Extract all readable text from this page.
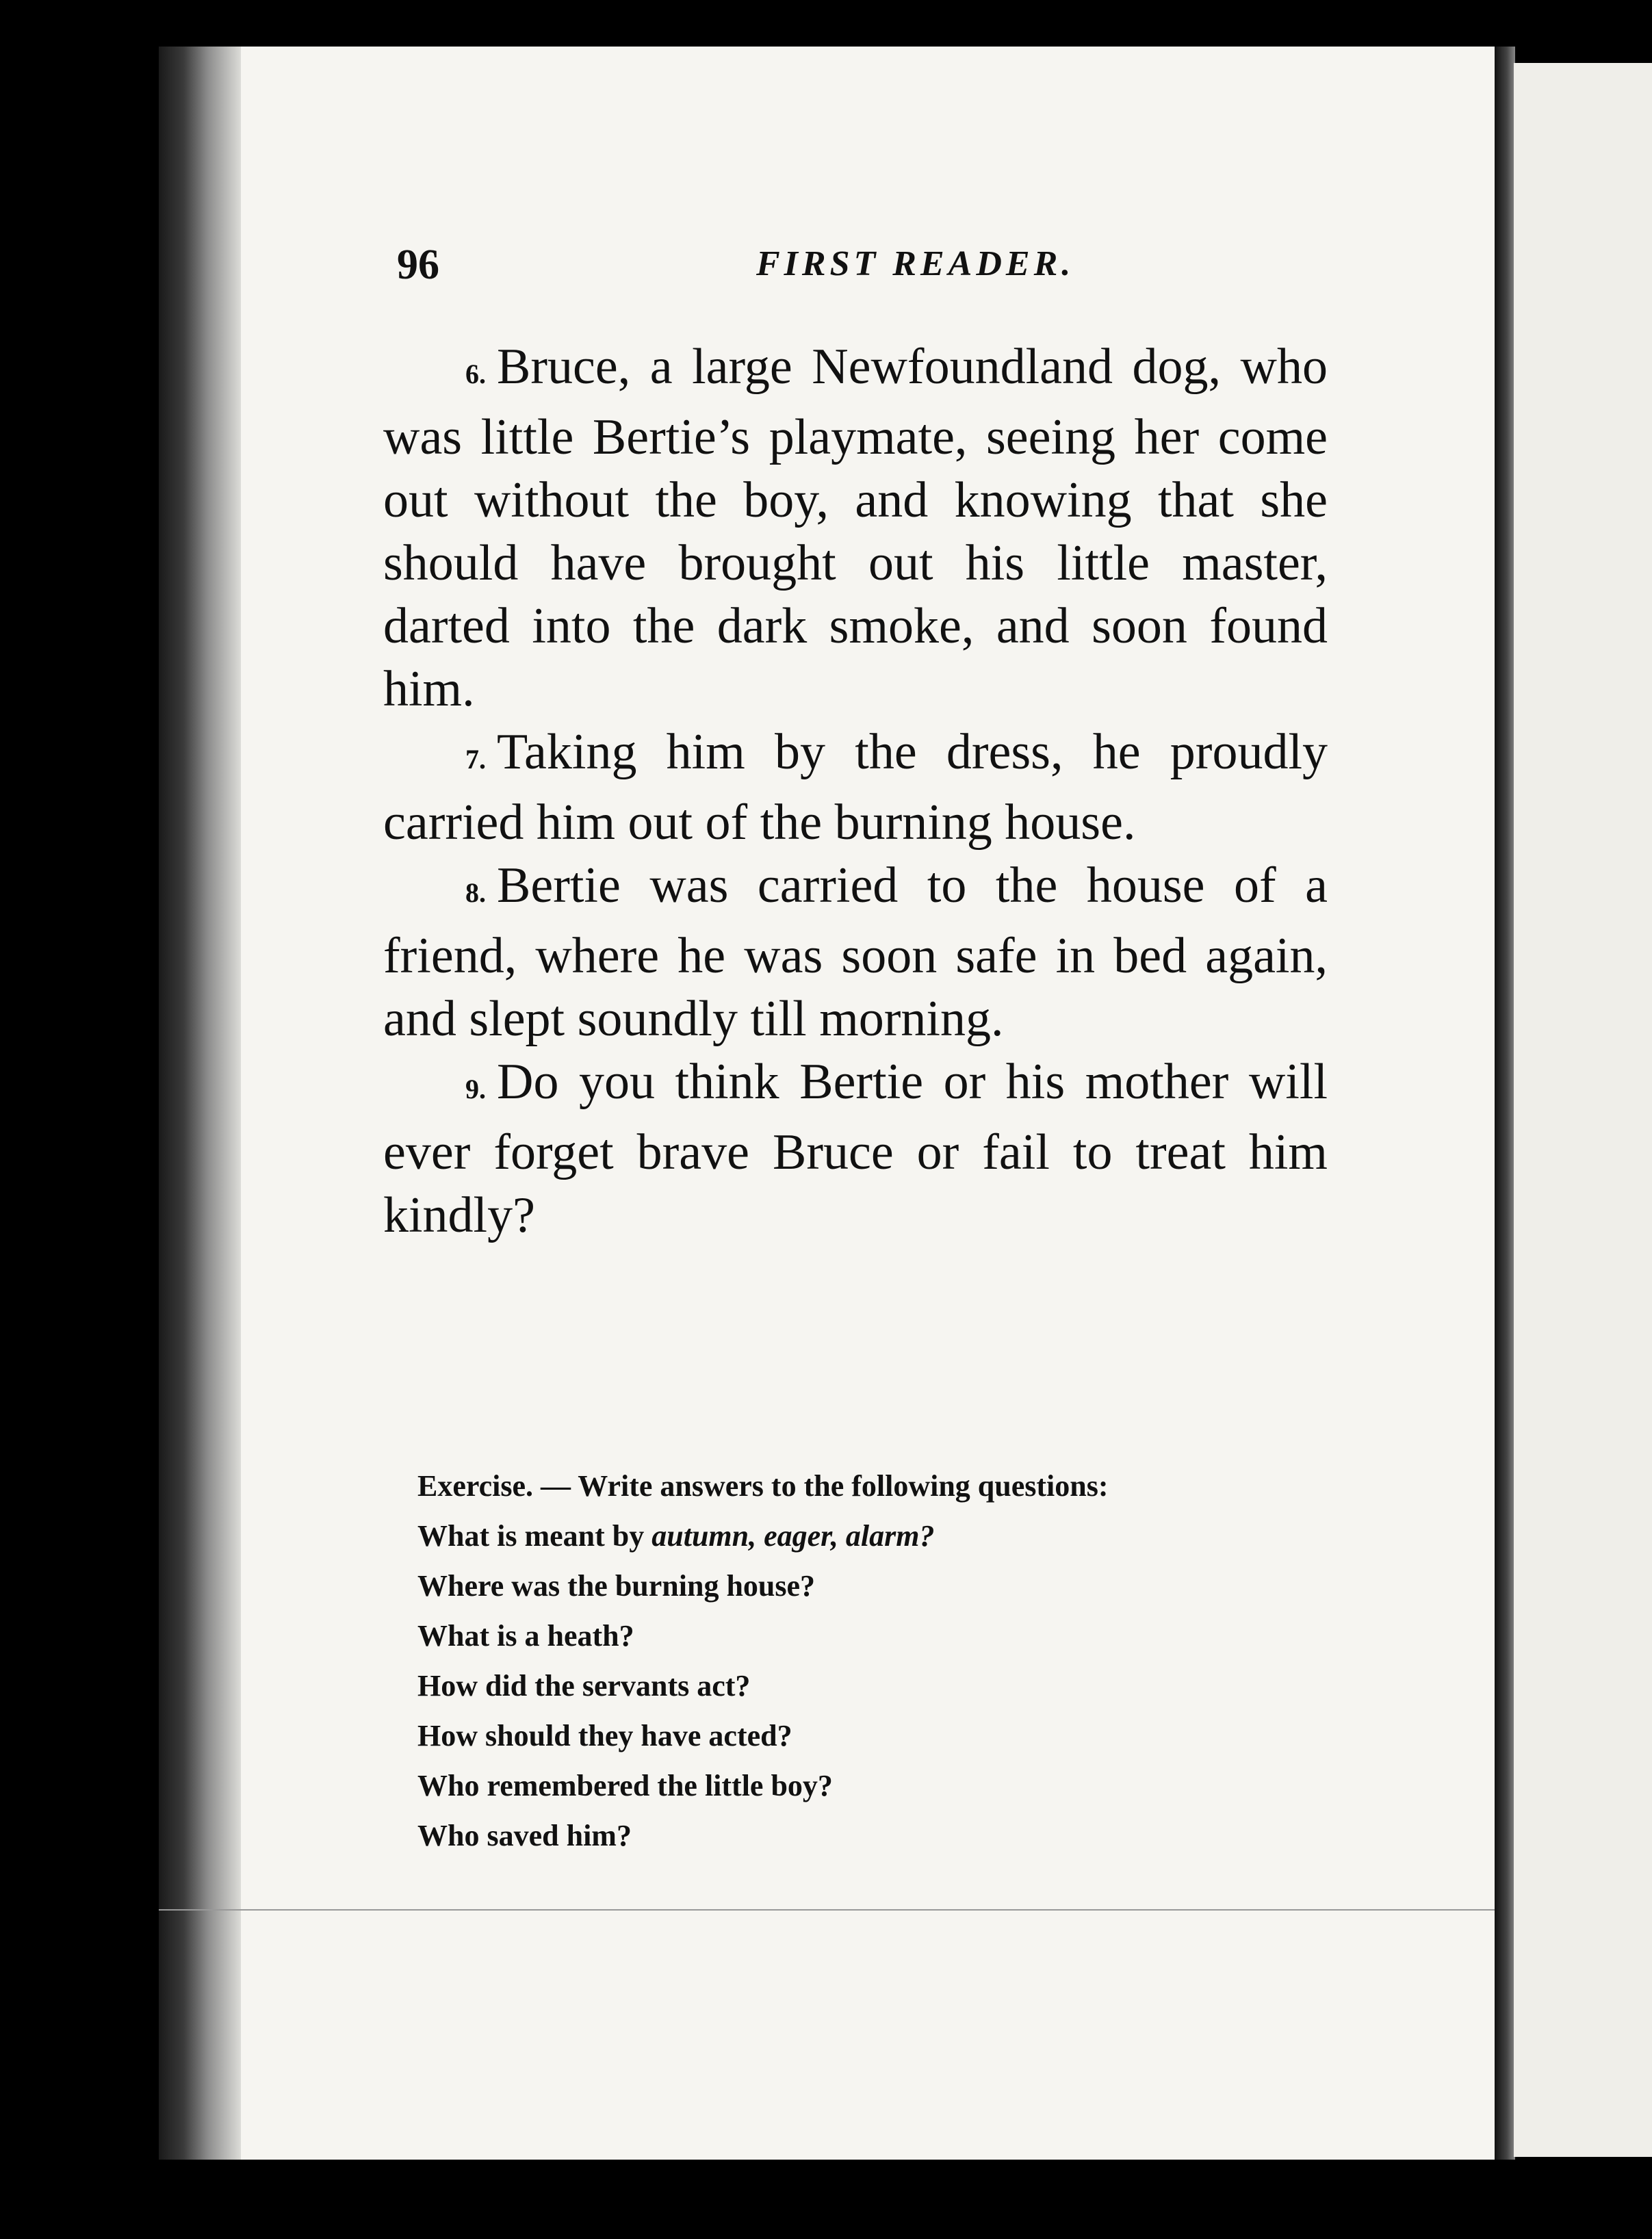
96	FIRST READER.

6. Bruce, a large Newfoundland dog, who was little Bertie’s playmate, seeing her come out without the boy, and knowing that she should have brought out his little master, darted into the dark smoke, and soon found him.

7. Taking him by the dress, he proudly carried him out of the burning house.

8. Bertie was carried to the house of a friend, where he was soon safe in bed again, and slept soundly till morning.

9. Do you think Bertie or his mother will ever forget brave Bruce or fail to treat him kindly?

Exercise. — Write answers to the following questions:
What is meant by autumn, eager, alarm?
Where was the burning house?
What is a heath?
How did the servants act?
How should they have acted?
Who remembered the little boy?
Who saved him?
